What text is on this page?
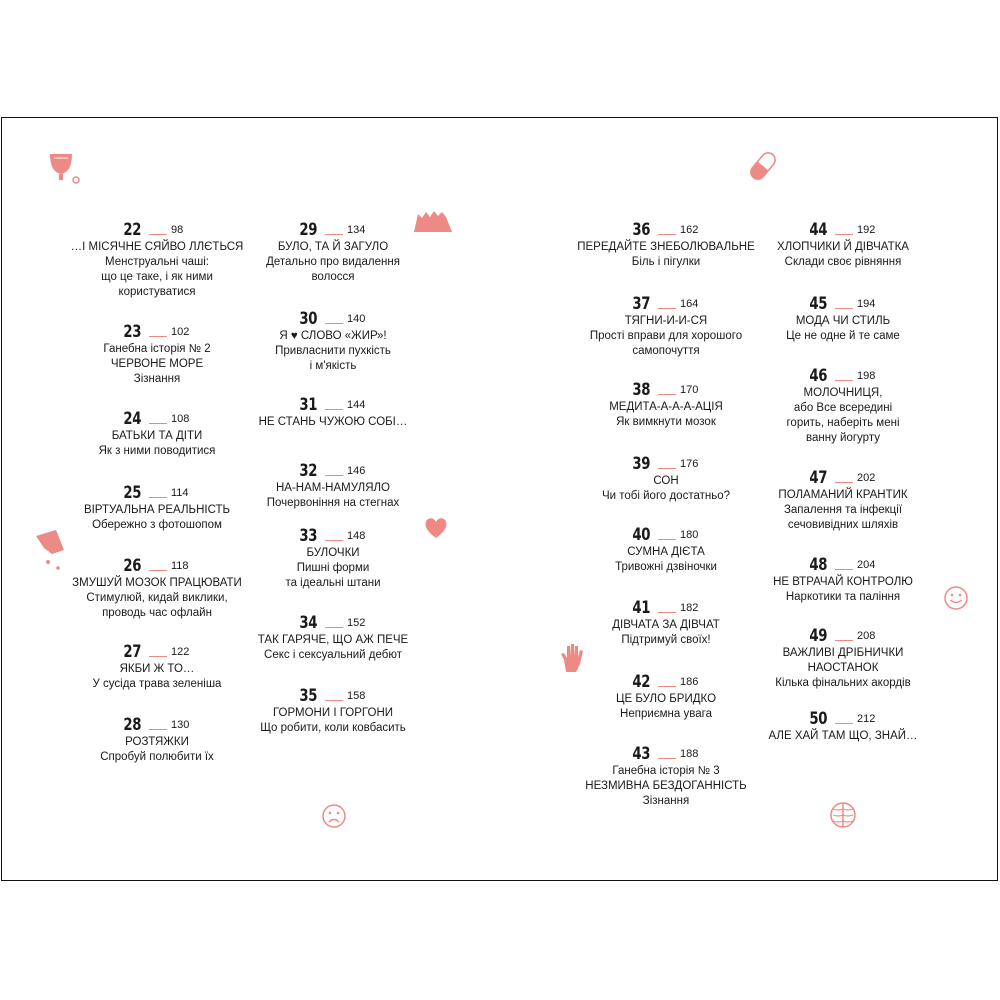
22	98
…І МІСЯЧНЕ СЯЙВО ЛЛЄТЬСЯ
Менструальні чаші:
що це таке, і як ними
користуватися
23	102
Ганебна історія № 2
ЧЕРВОНЕ МОРЕ
Зізнання
24	108
БАТЬКИ ТА ДІТИ
Як з ними поводитися
25	114
ВІРТУАЛЬНА РЕАЛЬНІСТЬ
Обережно з фотошопом
26	118
ЗМУШУЙ МОЗОК ПРАЦЮВАТИ
Стимулюй, кидай виклики,
проводь час офлайн
27	122
ЯКБИ Ж ТО…
У сусіда трава зеленіша
28	130
РОЗТЯЖКИ
Спробуй полюбити їх
29	134
БУЛО, ТА Й ЗАГУЛО
Детально про видалення
волосся
30	140
Я ♥ СЛОВО «ЖИР»!
Привласнити пухкість
і м'якість
31	144
НЕ СТАНЬ ЧУЖОЮ СОБІ…
32	146
НА-НАМ-НАМУЛЯЛО
Почервоніння на стегнах
33	148
БУЛОЧКИ
Пишні форми
та ідеальні штани
34	152
ТАК ГАРЯЧЕ, ЩО АЖ ПЕЧЕ
Секс і сексуальний дебют
35	158
ГОРМОНИ І ГОРГОНИ
Що робити, коли ковбасить
36	162
ПЕРЕДАЙТЕ ЗНЕБОЛЮВАЛЬНЕ
Біль і пігулки
37	164
ТЯГНИ-И-И-СЯ
Прості вправи для хорошого
самопочуття
38	170
МЕДИТА-А-А-А-АЦІЯ
Як вимкнути мозок
39	176
СОН
Чи тобі його достатньо?
40	180
СУМНА ДІЄТА
Тривожні дзвіночки
41	182
ДІВЧАТА ЗА ДІВЧАТ
Підтримуй своїх!
42	186
ЦЕ БУЛО БРИДКО
Неприємна увага
43	188
Ганебна історія № 3
НЕЗМИВНА БЕЗДОГАННІСТЬ
Зізнання
44	192
ХЛОПЧИКИ Й ДІВЧАТКА
Склади своє рівняння
45	194
МОДА ЧИ СТИЛЬ
Це не одне й те саме
46	198
МОЛОЧНИЦЯ,
або Все всередині
горить, наберіть мені
ванну йогурту
47	202
ПОЛАМАНИЙ КРАНТИК
Запалення та інфекції
сечовивідних шляхів
48	204
НЕ ВТРАЧАЙ КОНТРОЛЮ
Наркотики та паління
49	208
ВАЖЛИВІ ДРІБНИЧКИ
НАОСТАНОК
Кілька фінальних акордів
50	212
АЛЕ ХАЙ ТАМ ЩО, ЗНАЙ…
